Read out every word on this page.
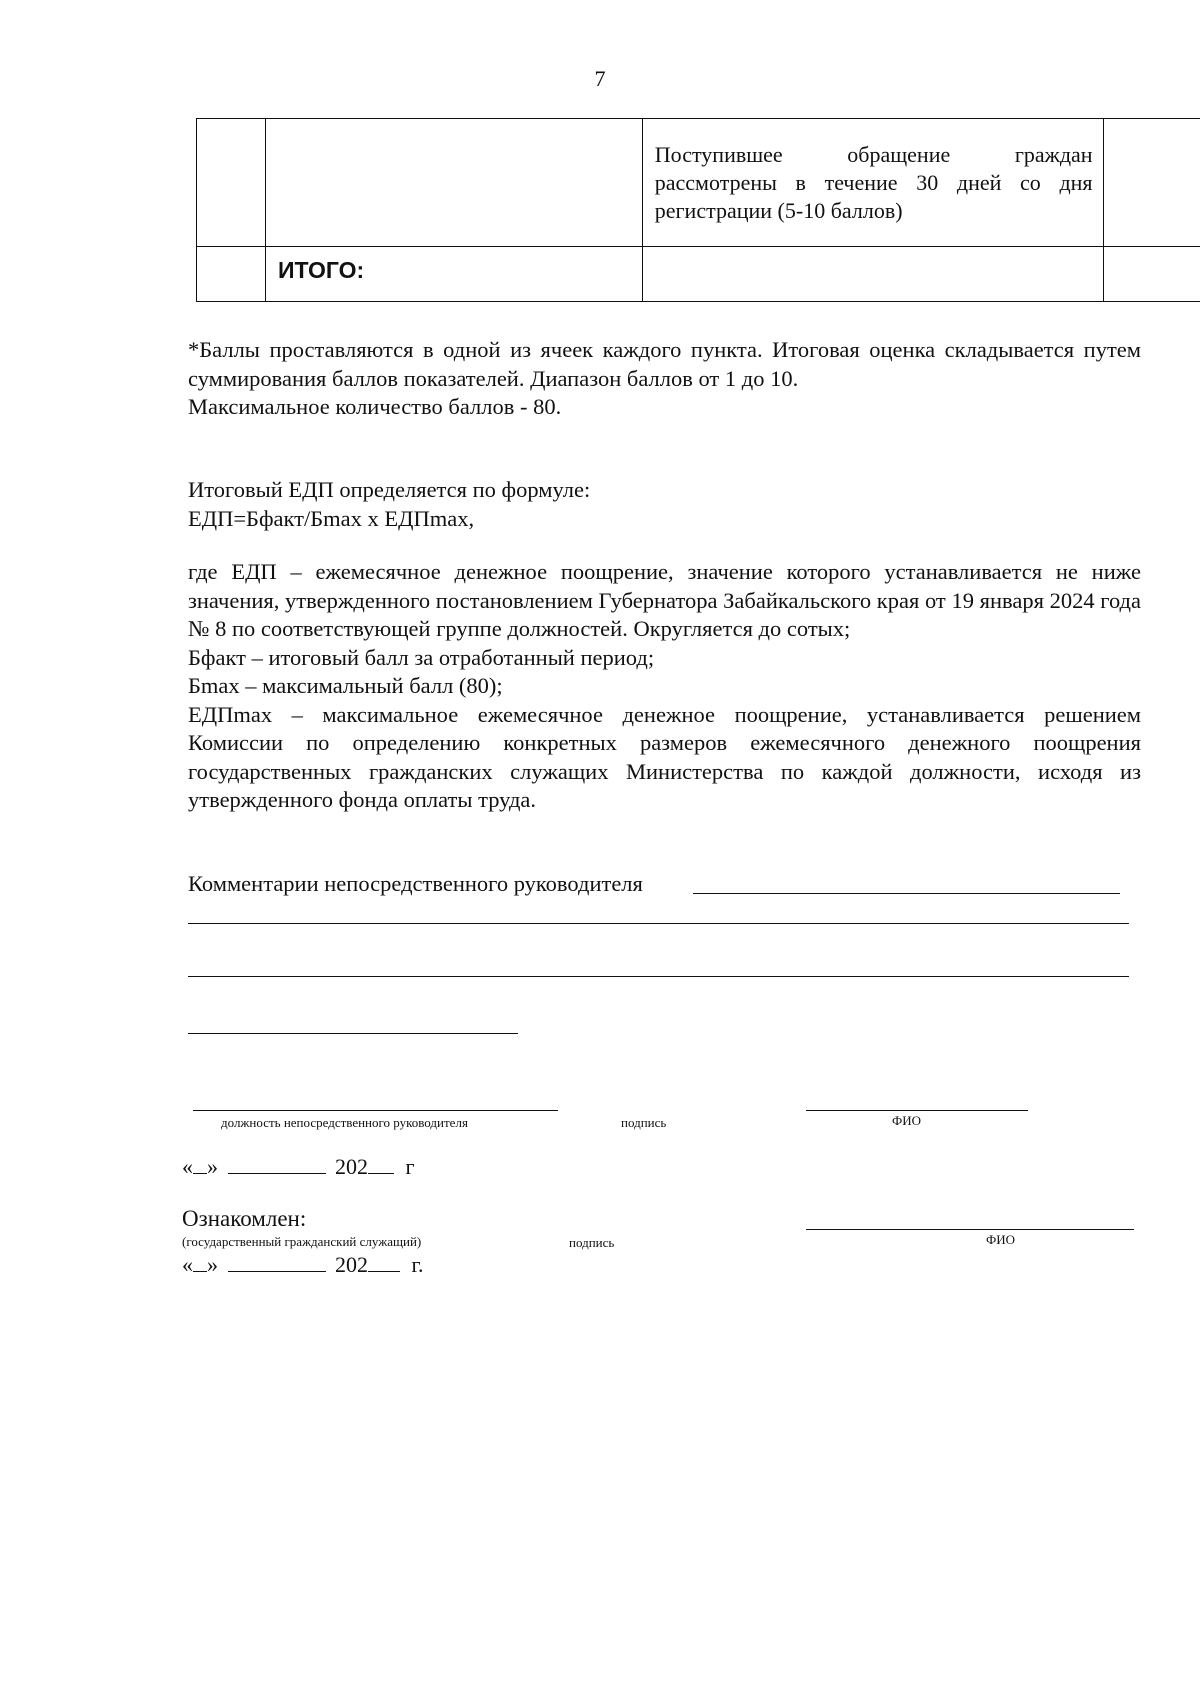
7

		Поступившее обращение граждан рассмотрены в течение 30 дней со дня регистрации (5-10 баллов)	

	ИТОГО:		

*Баллы проставляются в одной из ячеек каждого пункта. Итоговая оценка складывается путем суммирования баллов показателей. Диапазон баллов от 1 до 10.

Максимальное количество баллов - 80.

Итоговый ЕДП определяется по формуле:

ЕДП=Бфакт/Бmax x ЕДПmax,

где ЕДП – ежемесячное денежное поощрение, значение которого устанавливается не ниже значения, утвержденного постановлением Губернатора Забайкальского края от 19 января 2024 года № 8 по соответствующей группе должностей. Округляется до сотых;

Бфакт – итоговый балл за отработанный период;

Бmax – максимальный балл (80);

ЕДПmax – максимальное ежемесячное денежное поощрение, устанавливается решением Комиссии по определению конкретных размеров ежемесячного денежного поощрения государственных гражданских служащих Министерства по каждой должности, исходя из утвержденного фонда оплаты труда.

Комментарии непосредственного руководителя
должность непосредственного руководителя	подпись	ФИО
« »	202 г
Ознакомлен:
(государственный гражданский служащий)	подпись	ФИО
« »	202 г.
